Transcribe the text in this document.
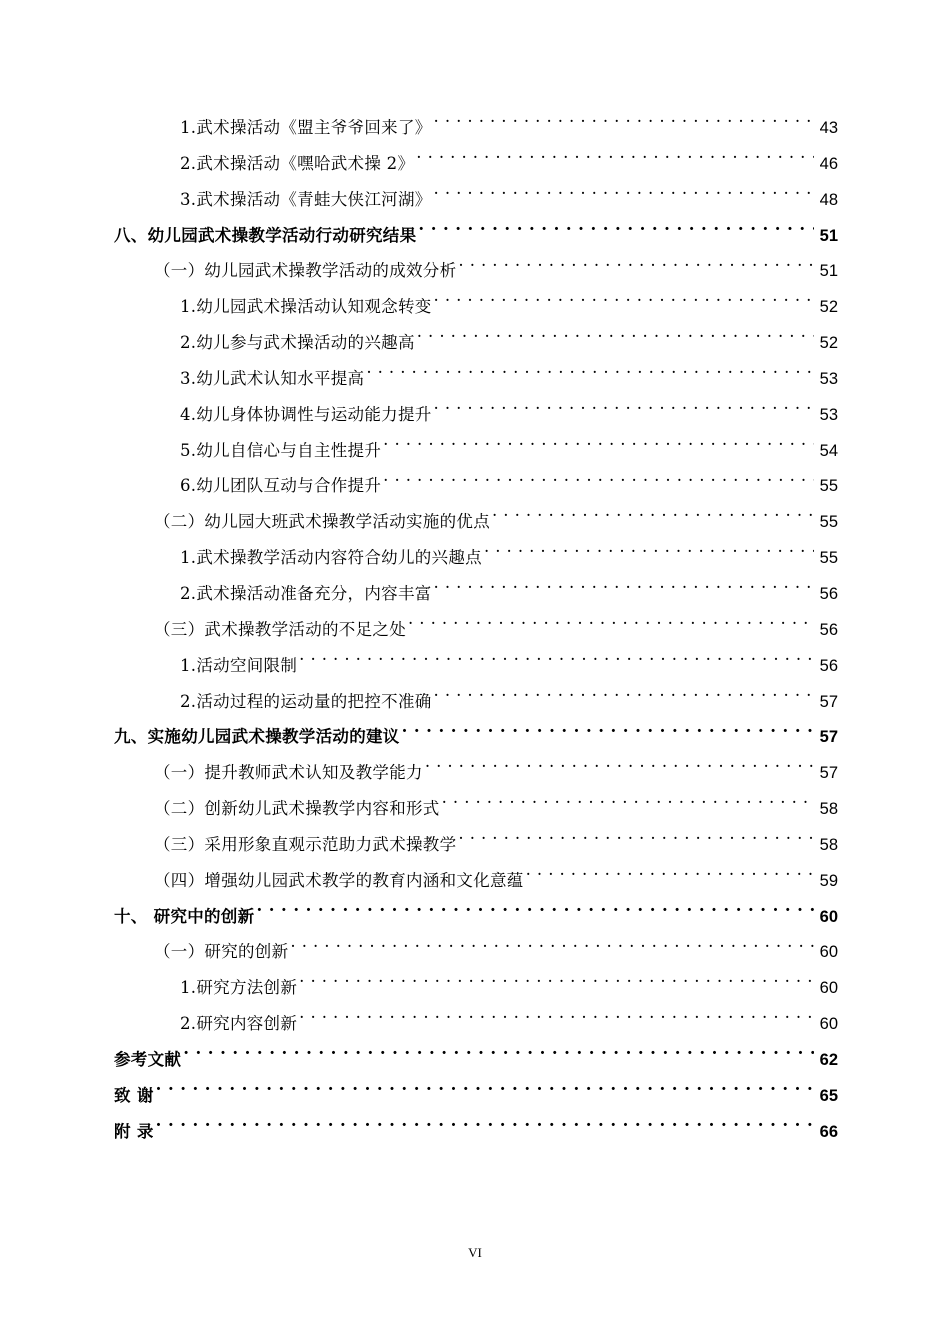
1.武术操活动《盟主爷爷回来了》 . . .	43
2.武术操活动《嘿哈武术操 2》 . . .	46
3.武术操活动《青蛙大侠江河湖》 . . .	48
八、幼儿园武术操教学活动行动研究结果 . . .	51
（一）幼儿园武术操教学活动的成效分析 . . .	51
1.幼儿园武术操活动认知观念转变 . . .	52
2.幼儿参与武术操活动的兴趣高 . . .	52
3.幼儿武术认知水平提高 . . .	53
4.幼儿身体协调性与运动能力提升 . . .	53
5.幼儿自信心与自主性提升 . . .	54
6.幼儿团队互动与合作提升 . . .	55
（二）幼儿园大班武术操教学活动实施的优点 . . .	55
1.武术操教学活动内容符合幼儿的兴趣点 . . .	55
2.武术操活动准备充分，内容丰富 . . .	56
（三）武术操教学活动的不足之处 . . .	56
1.活动空间限制 . . .	56
2.活动过程的运动量的把控不准确 . . .	57
九、实施幼儿园武术操教学活动的建议 . . .	57
（一）提升教师武术认知及教学能力 . . .	57
（二）创新幼儿武术操教学内容和形式 . . .	58
（三）采用形象直观示范助力武术操教学 . . .	58
（四）增强幼儿园武术教学的教育内涵和文化意蕴 . . .	59
十、 研究中的创新 . . .	60
（一）研究的创新 . . .	60
1.研究方法创新 . . .	60
2.研究内容创新 . . .	60
参考文献 . . .	62
致 谢 . . .	65
附 录 . . .	66
VI
